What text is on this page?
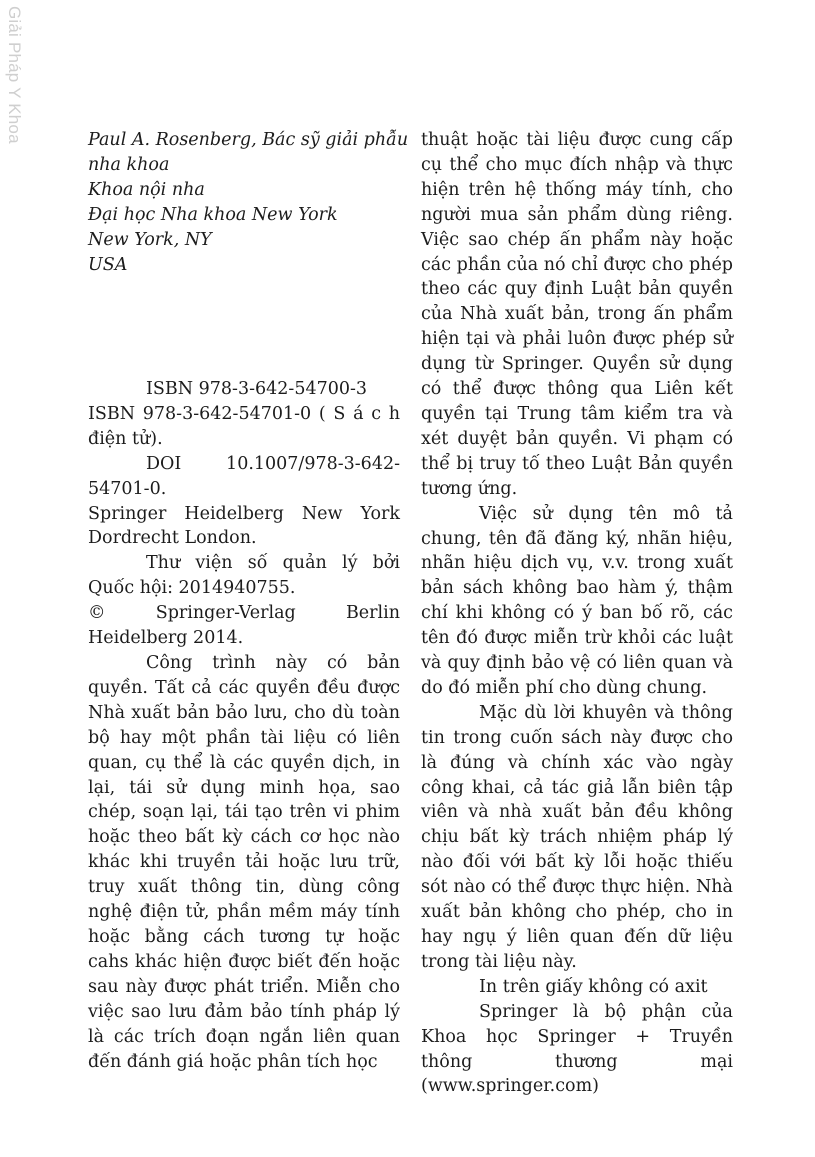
Giải Pháp Y Khoa	Paul A. Rosenberg, Bác sỹ giải phẫu
nha khoa
Khoa nội nha
Đại học Nha khoa New York
New York, NY
USA

ISBN 978-3-642-54700-3

ISBN 978-3-642-54701-0 ( S á c h điện tử).

DOI 10.1007/978-3-642-54701-0.

Springer Heidelberg New York Dordrecht London.

Thư viện số quản lý bởi Quốc hội: 2014940755.

© Springer-Verlag Berlin Heidelberg 2014.

Công trình này có bản quyền. Tất cả các quyền đều được Nhà xuất bản bảo lưu, cho dù toàn bộ hay một phần tài liệu có liên quan, cụ thể là các quyền dịch, in lại, tái sử dụng minh họa, sao chép, soạn lại, tái tạo trên vi phim hoặc theo bất kỳ cách cơ học nào khác khi truyền tải hoặc lưu trữ, truy xuất thông tin, dùng công nghệ điện tử, phần mềm máy tính hoặc bằng cách tương tự hoặc cahs khác hiện được biết đến hoặc sau này được phát triển. Miễn cho việc sao lưu đảm bảo tính pháp lý là các trích đoạn ngắn liên quan đến đánh giá hoặc phân tích học

thuật hoặc tài liệu được cung cấp cụ thể cho mục đích nhập và thực hiện trên hệ thống máy tính, cho người mua sản phẩm dùng riêng. Việc sao chép ấn phẩm này hoặc các phần của nó chỉ được cho phép theo các quy định Luật bản quyền của Nhà xuất bản, trong ấn phẩm hiện tại và phải luôn được phép sử dụng từ Springer. Quyền sử dụng có thể được thông qua Liên kết quyền tại Trung tâm kiểm tra và xét duyệt bản quyền. Vi phạm có thể bị truy tố theo Luật Bản quyền tương ứng.

Việc sử dụng tên mô tả chung, tên đã đăng ký, nhãn hiệu, nhãn hiệu dịch vụ, v.v. trong xuất bản sách không bao hàm ý, thậm chí khi không có ý ban bố rõ, các tên đó được miễn trừ khỏi các luật và quy định bảo vệ có liên quan và do đó miễn phí cho dùng chung.

Mặc dù lời khuyên và thông tin trong cuốn sách này được cho là đúng và chính xác vào ngày công khai, cả tác giả lẫn biên tập viên và nhà xuất bản đều không chịu bất kỳ trách nhiệm pháp lý nào đối với bất kỳ lỗi hoặc thiếu sót nào có thể được thực hiện. Nhà xuất bản không cho phép, cho in hay ngụ ý liên quan đến dữ liệu trong tài liệu này.

In trên giấy không có axit

Springer là bộ phận của Khoa học Springer + Truyền thông thương mại (www.springer.com)
